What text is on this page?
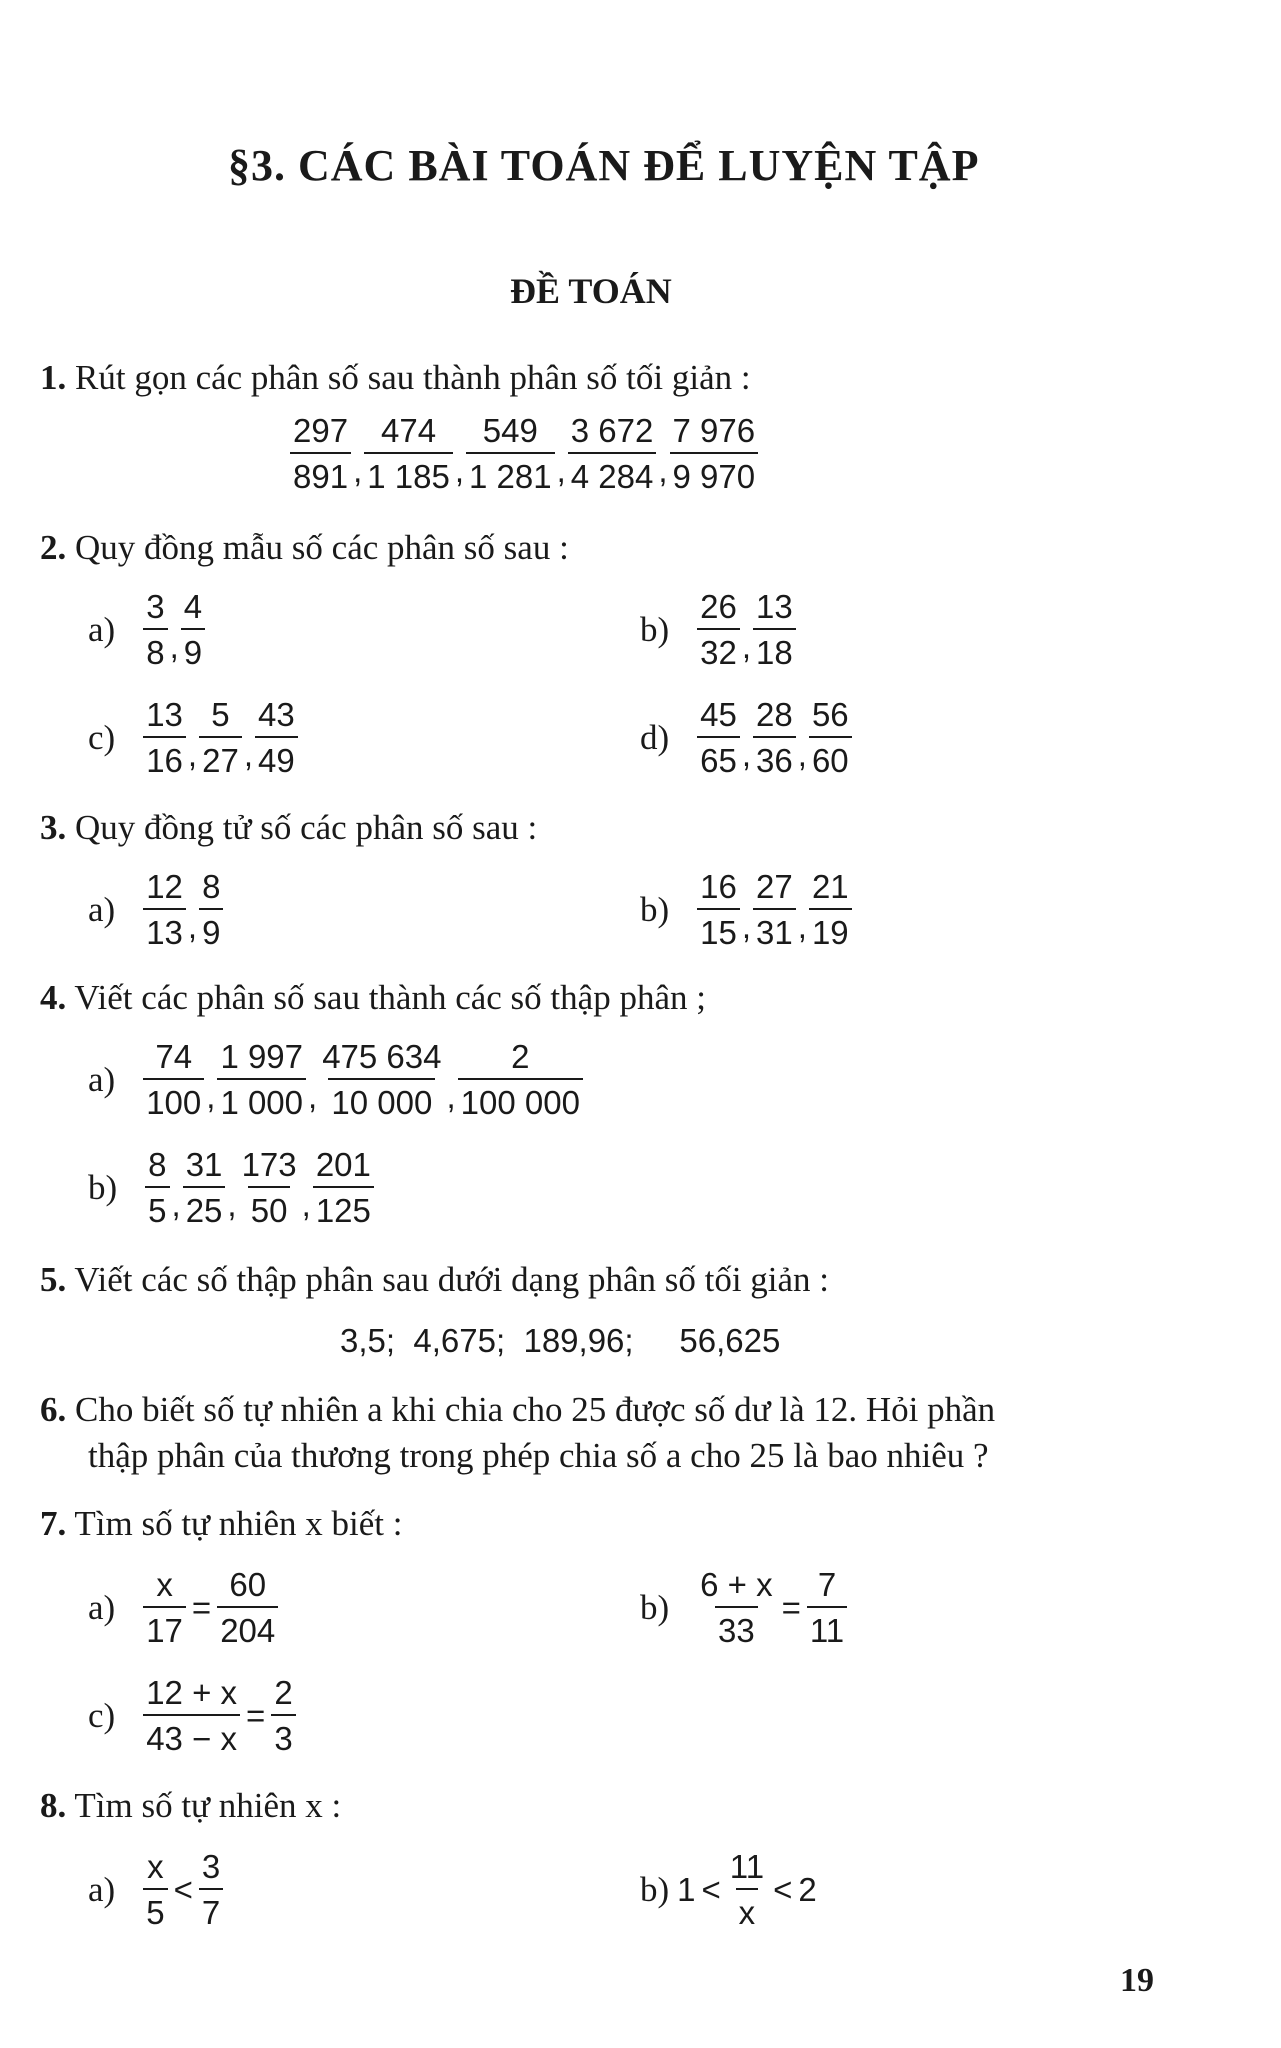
§3. CÁC BÀI TOÁN ĐỂ LUYỆN TẬP
ĐỀ TOÁN
1. Rút gọn các phân số sau thành phân số tối giản :
$\frac{297}{891}$ , $\frac{474}{1 185}$ , $\frac{549}{1 281}$ , $\frac{3 672}{4 284}$ , $\frac{7 976}{9 970}$
2. Quy đồng mẫu số các phân số sau :
$a) \frac{3}{8}$ , $\frac{4}{9}$	$b) \frac{26}{32}$ , $\frac{13}{18}$
$c) \frac{13}{16}$ , $\frac{5}{27}$ , $\frac{43}{49}$	$d) \frac{45}{65}$ , $\frac{28}{36}$ , $\frac{56}{60}$
3. Quy đồng tử số các phân số sau :
$a) \frac{12}{13}$ , $\frac{8}{9}$	$b) \frac{16}{15}$ , $\frac{27}{31}$ , $\frac{21}{19}$
4. Viết các phân số sau thành các số thập phân ;
$a) \frac{74}{100}$ , $\frac{1 997}{1 000}$ , $\frac{475 634}{10 000}$ , $\frac{2}{100 000}$
$b) \frac{8}{5}$ , $\frac{31}{25}$ , $\frac{173}{50}$ , $\frac{201}{125}$
5. Viết các số thập phân sau dưới dạng phân số tối giản :
3,5;  4,675;  189,96;     56,625
6. Cho biết số tự nhiên a khi chia cho 25 được số dư là 12. Hỏi phần
thập phân của thương trong phép chia số a cho 25 là bao nhiêu ?
7. Tìm số tự nhiên x biết :
$a) \frac{x}{17} = \frac{60}{204}$	$b) \frac{6 + x}{33} = \frac{7}{11}$
$c) \frac{12 + x}{43 - x} = \frac{2}{3}$
8. Tìm số tự nhiên x :
$a) \frac{x}{5} < \frac{3}{7}$	b) $1 < \frac{11}{x} < 2$
19
